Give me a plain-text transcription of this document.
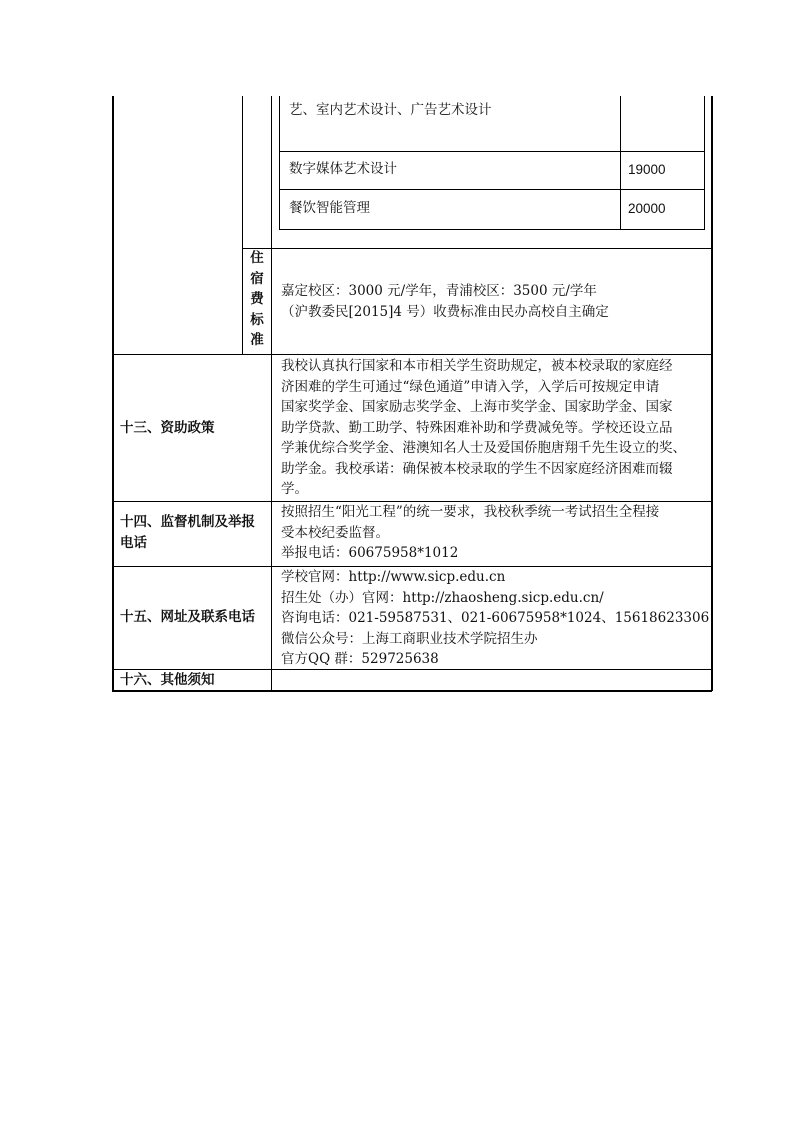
艺、室内艺术设计、广告艺术设计
数字媒体艺术设计	19000
餐饮智能管理	20000
住
宿
费
标
准
嘉定校区：3000 元/学年，青浦校区：3500 元/学年
（沪教委民[2015]4 号）收费标准由民办高校自主确定
十三、资助政策
我校认真执行国家和本市相关学生资助规定，被本校录取的家庭经
济困难的学生可通过“绿色通道”申请入学，入学后可按规定申请
国家奖学金、国家励志奖学金、上海市奖学金、国家助学金、国家
助学贷款、勤工助学、特殊困难补助和学费减免等。学校还设立品
学兼优综合奖学金、港澳知名人士及爱国侨胞唐翔千先生设立的奖、
助学金。我校承诺：确保被本校录取的学生不因家庭经济困难而辍
学。
十四、监督机制及举报
电话
按照招生“阳光工程”的统一要求，我校秋季统一考试招生全程接
受本校纪委监督。
举报电话：60675958*1012
十五、网址及联系电话
学校官网：http://www.sicp.edu.cn
招生处（办）官网：http://zhaosheng.sicp.edu.cn/
咨询电话：021-59587531、021-60675958*1024、15618623306
微信公众号：上海工商职业技术学院招生办
官方QQ 群：529725638
十六、其他须知
